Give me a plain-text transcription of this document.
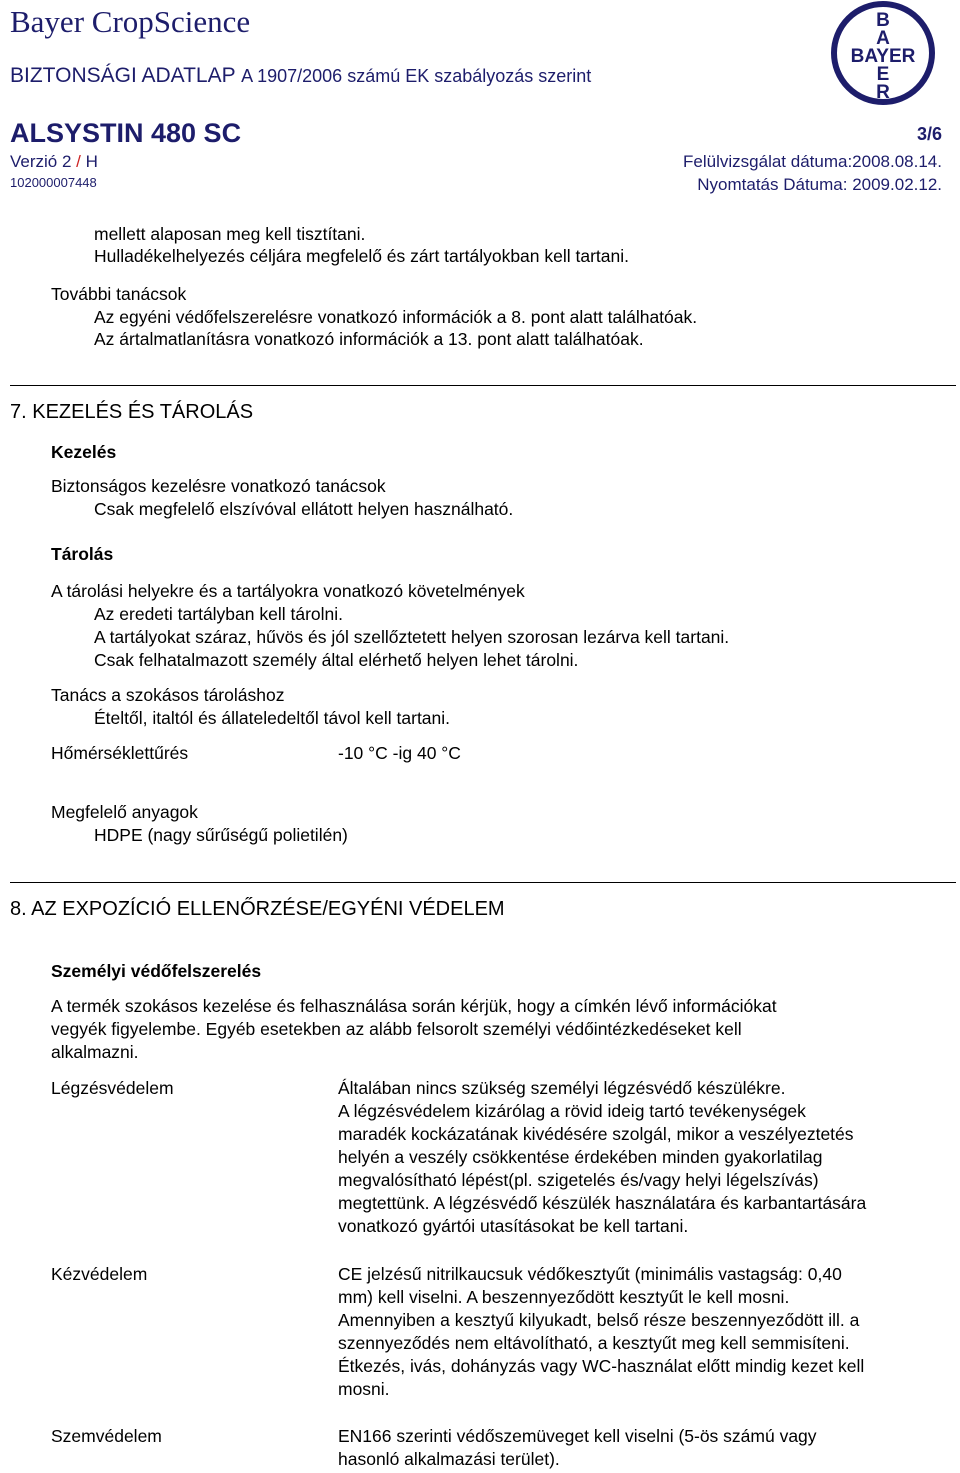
Bayer CropScience
BIZTONSÁGI ADATLAP A 1907/2006 számú EK szabályozás szerint
ALSYSTIN 480 SC	3/6
Verzió 2 / H	Felülvizsgálat dátuma:2008.08.14.
102000007448	Nyomtatás Dátuma: 2009.02.12.
B
A
BAYER
E
R
mellett alaposan meg kell tisztítani.
Hulladékelhelyezés céljára megfelelő és zárt tartályokban kell tartani.
További tanácsok
Az egyéni védőfelszerelésre vonatkozó információk a 8. pont alatt találhatóak.
Az ártalmatlanításra vonatkozó információk a 13. pont alatt találhatóak.
7. KEZELÉS ÉS TÁROLÁS
Kezelés
Biztonságos kezelésre vonatkozó tanácsok
Csak megfelelő elszívóval ellátott helyen használható.
Tárolás
A tárolási helyekre és a tartályokra vonatkozó követelmények
Az eredeti tartályban kell tárolni.
A tartályokat száraz, hűvös és jól szellőztetett helyen szorosan lezárva kell tartani.
Csak felhatalmazott személy által elérhető helyen lehet tárolni.
Tanács a szokásos tároláshoz
Ételtől, italtól és állateledeltől távol kell tartani.
Hőmérséklettűrés	-10 °C -ig 40 °C
Megfelelő anyagok
HDPE (nagy sűrűségű polietilén)
8. AZ EXPOZÍCIÓ ELLENŐRZÉSE/EGYÉNI VÉDELEM
Személyi védőfelszerelés
A termék szokásos kezelése és felhasználása során kérjük, hogy a címkén lévő információkat
vegyék figyelembe. Egyéb esetekben az alább felsorolt személyi védőintézkedéseket kell
alkalmazni.
Légzésvédelem	Általában nincs szükség személyi légzésvédő készülékre.
A légzésvédelem kizárólag a rövid ideig tartó tevékenységek
maradék kockázatának kivédésére szolgál, mikor a veszélyeztetés
helyén a veszély csökkentése érdekében minden gyakorlatilag
megvalósítható lépést(pl. szigetelés és/vagy helyi légelszívás)
megtettünk. A légzésvédő készülék használatára és karbantartására
vonatkozó gyártói utasításokat be kell tartani.
Kézvédelem	CE jelzésű nitrilkaucsuk védőkesztyűt (minimális vastagság: 0,40
mm) kell viselni. A beszennyeződött kesztyűt le kell mosni.
Amennyiben a kesztyű kilyukadt, belső része beszennyeződött ill. a
szennyeződés nem eltávolítható, a kesztyűt meg kell semmisíteni.
Étkezés, ivás, dohányzás vagy WC-használat előtt mindig kezet kell
mosni.
Szemvédelem	EN166 szerinti védőszemüveget kell viselni (5-ös számú vagy
hasonló alkalmazási terület).
